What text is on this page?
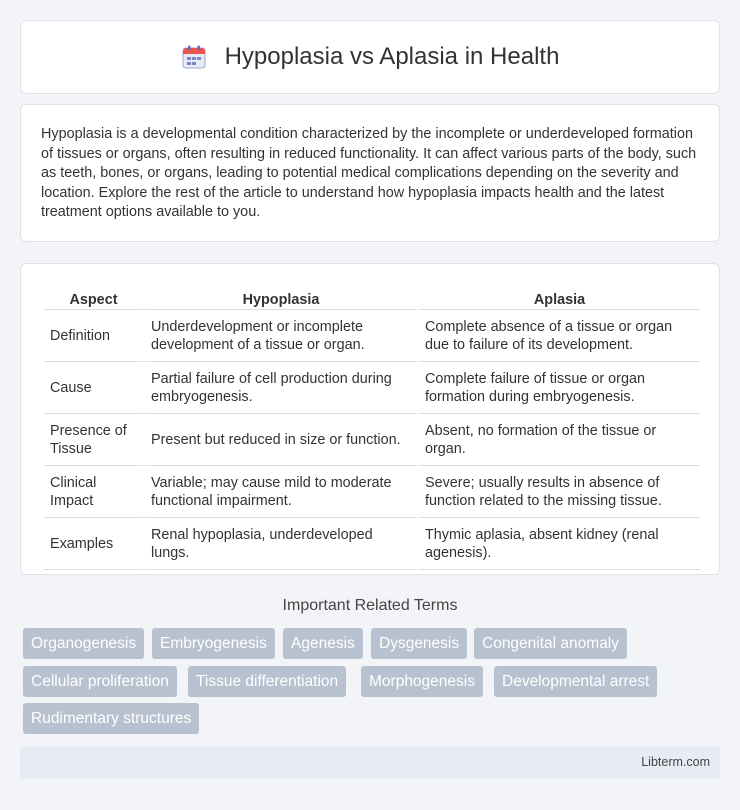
Hypoplasia vs Aplasia in Health

Hypoplasia is a developmental condition characterized by the incomplete or underdeveloped formation of tissues or organs, often resulting in reduced functionality. It can affect various parts of the body, such as teeth, bones, or organs, leading to potential medical complications depending on the severity and location. Explore the rest of the article to understand how hypoplasia impacts health and the latest treatment options available to you.

Aspect	Hypoplasia	Aplasia
Definition	Underdevelopment or incomplete development of a tissue or organ.	Complete absence of a tissue or organ due to failure of its development.
Cause	Partial failure of cell production during embryogenesis.	Complete failure of tissue or organ formation during embryogenesis.
Presence of Tissue	Present but reduced in size or function.	Absent, no formation of the tissue or organ.
Clinical Impact	Variable; may cause mild to moderate functional impairment.	Severe; usually results in absence of function related to the missing tissue.
Examples	Renal hypoplasia, underdeveloped lungs.	Thymic aplasia, absent kidney (renal agenesis).
Important Related Terms
Organogenesis	Embryogenesis	Agenesis	Dysgenesis	Congenital anomaly
Cellular proliferation	Tissue differentiation	Morphogenesis	Developmental arrest
Rudimentary structures
Libterm.com
